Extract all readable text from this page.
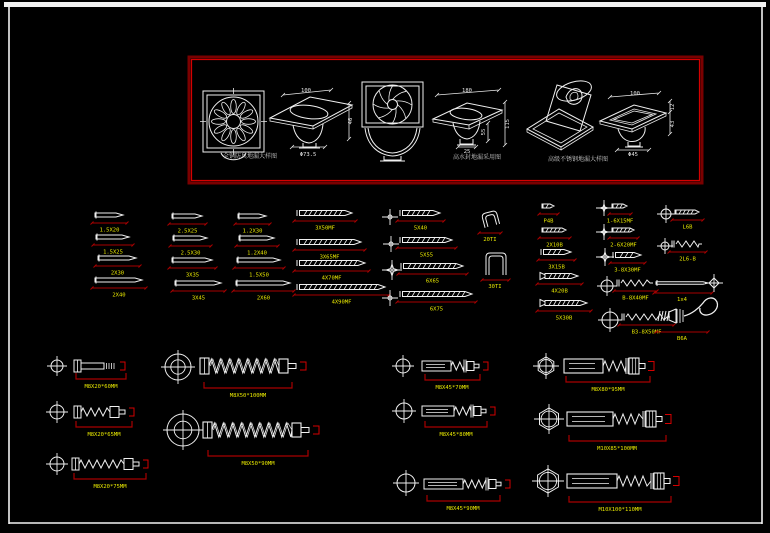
100
46
Φ73.5
180
115
55
25
100
12
43
Φ45
全铜防臭地漏大样图	高水封地漏采用图	高级不锈钢地漏大样图
1.5X20
1.5X25
2X30
2X40
2.5X25
2.5X30
3X35
3X45
1.2X30
1.2X40
1.5X50
2X60
3X50MF
3X65MF
4X70MF
4X90MF
5X40
5X55
6X65
6X75
20TI
30TI
P4B
2X10B
3X15B
4X20B
5X30B
1-6X15MF
2-6X20MF
3-8X30MF
B-8X40MF
B3-8X50MF
L6B
2L6-B
1x4
B6A
M8X20*60MM
M8X20*65MM
M8X20*75MM
M8X50*100MM
M8X50*90MM
M8X45*70MM
M8X45*80MM
M8X45*90MM
M8X80*95MM
M10X85*100MM
M10X100*110MM
